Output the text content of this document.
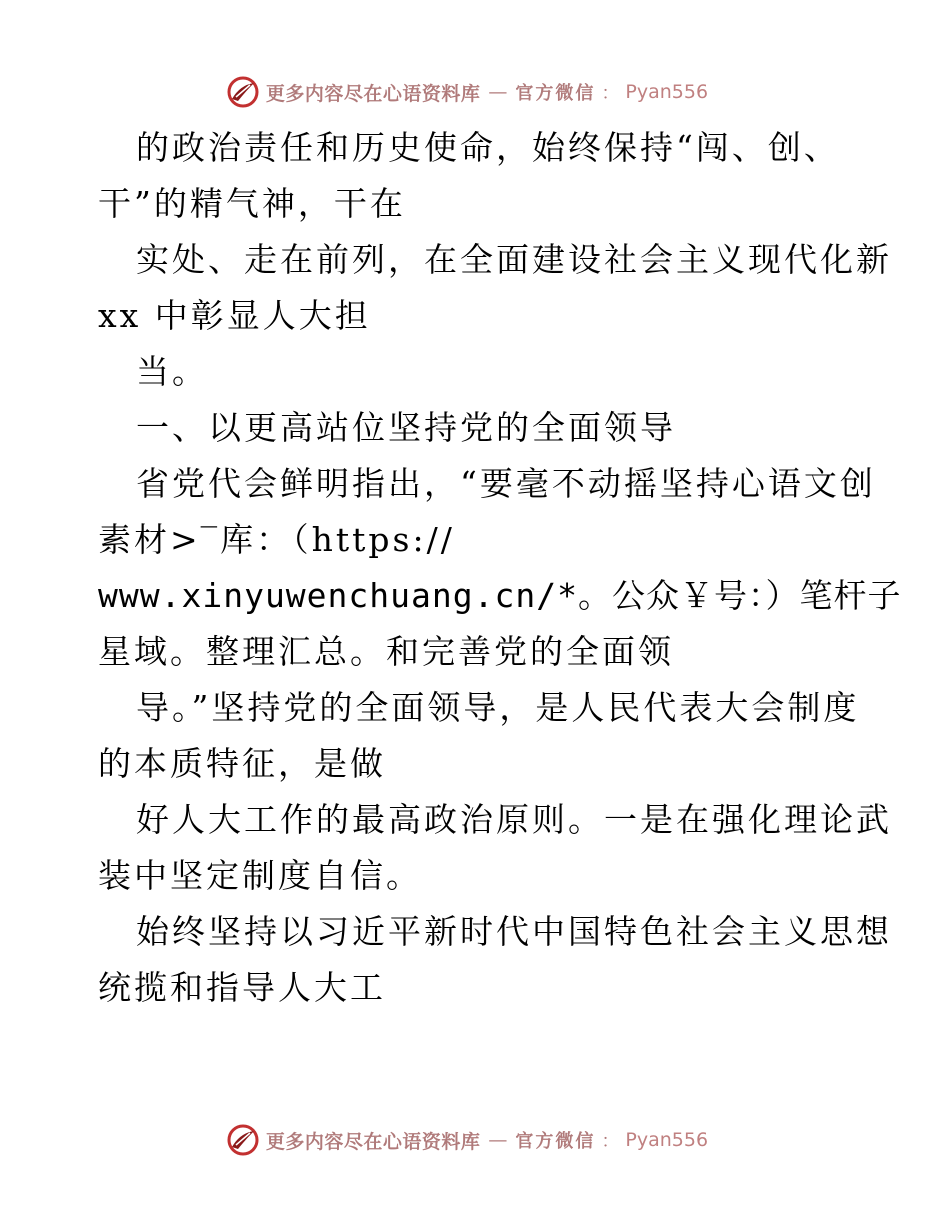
更多内容尽在心语资料库 — 官方微信 ： Pyan556
的政治责任和历史使命，始终保持“闯、创、
干”的精气神，干在
实处、走在前列，在全面建设社会主义现代化新
xx 中彰显人大担
当。
一、以更高站位坚持党的全面领导
省党代会鲜明指出，“要毫不动摇坚持心语文创
素材>‾库：（https://
www.xinyuwenchuang.cn/*。公众￥号：）笔杆子
星域。整理汇总。和完善党的全面领
导。”坚持党的全面领导，是人民代表大会制度
的本质特征，是做
好人大工作的最高政治原则。一是在强化理论武
装中坚定制度自信。
始终坚持以习近平新时代中国特色社会主义思想
统揽和指导人大工
更多内容尽在心语资料库 — 官方微信 ： Pyan556
